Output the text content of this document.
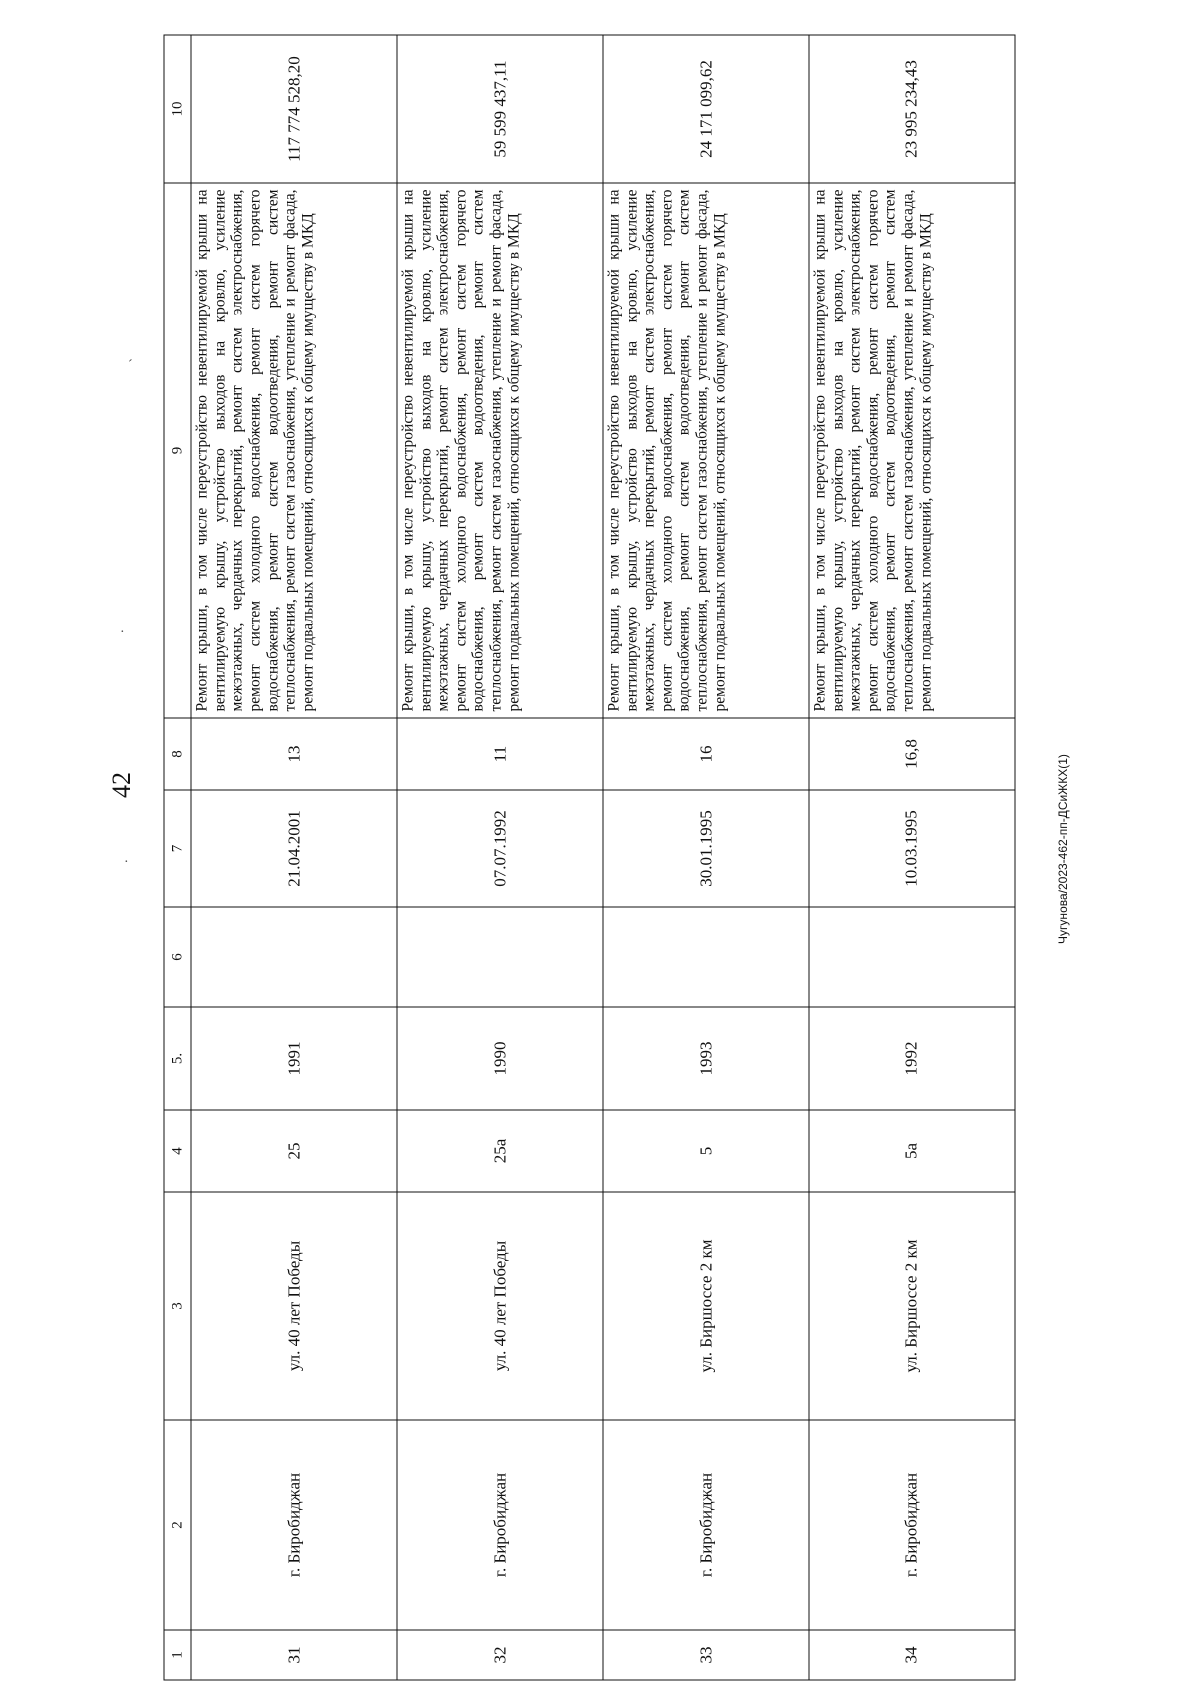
42	Чугунова/2023-462-пп-ДСиЖКХ(1)
´
·
·
1	2	3	4	5.	6	7	8	9	10
31	г. Биробиджан	ул. 40 лет Победы	25	1991		21.04.2001	13	Ремонт крыши, в том числе переустройство невентилируемой крыши на вентилируемую крышу, устройство выходов на кровлю, усиление межэтажных, чердачных перекрытий, ремонт систем электроснабжения, ремонт систем холодного водоснабжения, ремонт систем горячего водоснабжения, ремонт систем водоотведения, ремонт систем теплоснабжения, ремонт систем газоснабжения, утепление и ремонт фасада, ремонт подвальных помещений, относящихся к общему имуществу в МКД	117 774 528,20
32	г. Биробиджан	ул. 40 лет Победы	25а	1990		07.07.1992	11	Ремонт крыши, в том числе переустройство невентилируемой крыши на вентилируемую крышу, устройство выходов на кровлю, усиление межэтажных, чердачных перекрытий, ремонт систем электроснабжения, ремонт систем холодного водоснабжения, ремонт систем горячего водоснабжения, ремонт систем водоотведения, ремонт систем теплоснабжения, ремонт систем газоснабжения, утепление и ремонт фасада, ремонт подвальных помещений, относящихся к общему имуществу в МКД	59 599 437,11
33	г. Биробиджан	ул. Биршоссе 2 км	5	1993		30.01.1995	16	Ремонт крыши, в том числе переустройство невентилируемой крыши на вентилируемую крышу, устройство выходов на кровлю, усиление межэтажных, чердачных перекрытий, ремонт систем электроснабжения, ремонт систем холодного водоснабжения, ремонт систем горячего водоснабжения, ремонт систем водоотведения, ремонт систем теплоснабжения, ремонт систем газоснабжения, утепление и ремонт фасада, ремонт подвальных помещений, относящихся к общему имуществу в МКД	24 171 099,62
34	г. Биробиджан	ул. Биршоссе 2 км	5а	1992		10.03.1995	16,8	Ремонт крыши, в том числе переустройство невентилируемой крыши на вентилируемую крышу, устройство выходов на кровлю, усиление межэтажных, чердачных перекрытий, ремонт систем электроснабжения, ремонт систем холодного водоснабжения, ремонт систем горячего водоснабжения, ремонт систем водоотведения, ремонт систем теплоснабжения, ремонт систем газоснабжения, утепление и ремонт фасада, ремонт подвальных помещений, относящихся к общему имуществу в МКД	23 995 234,43
